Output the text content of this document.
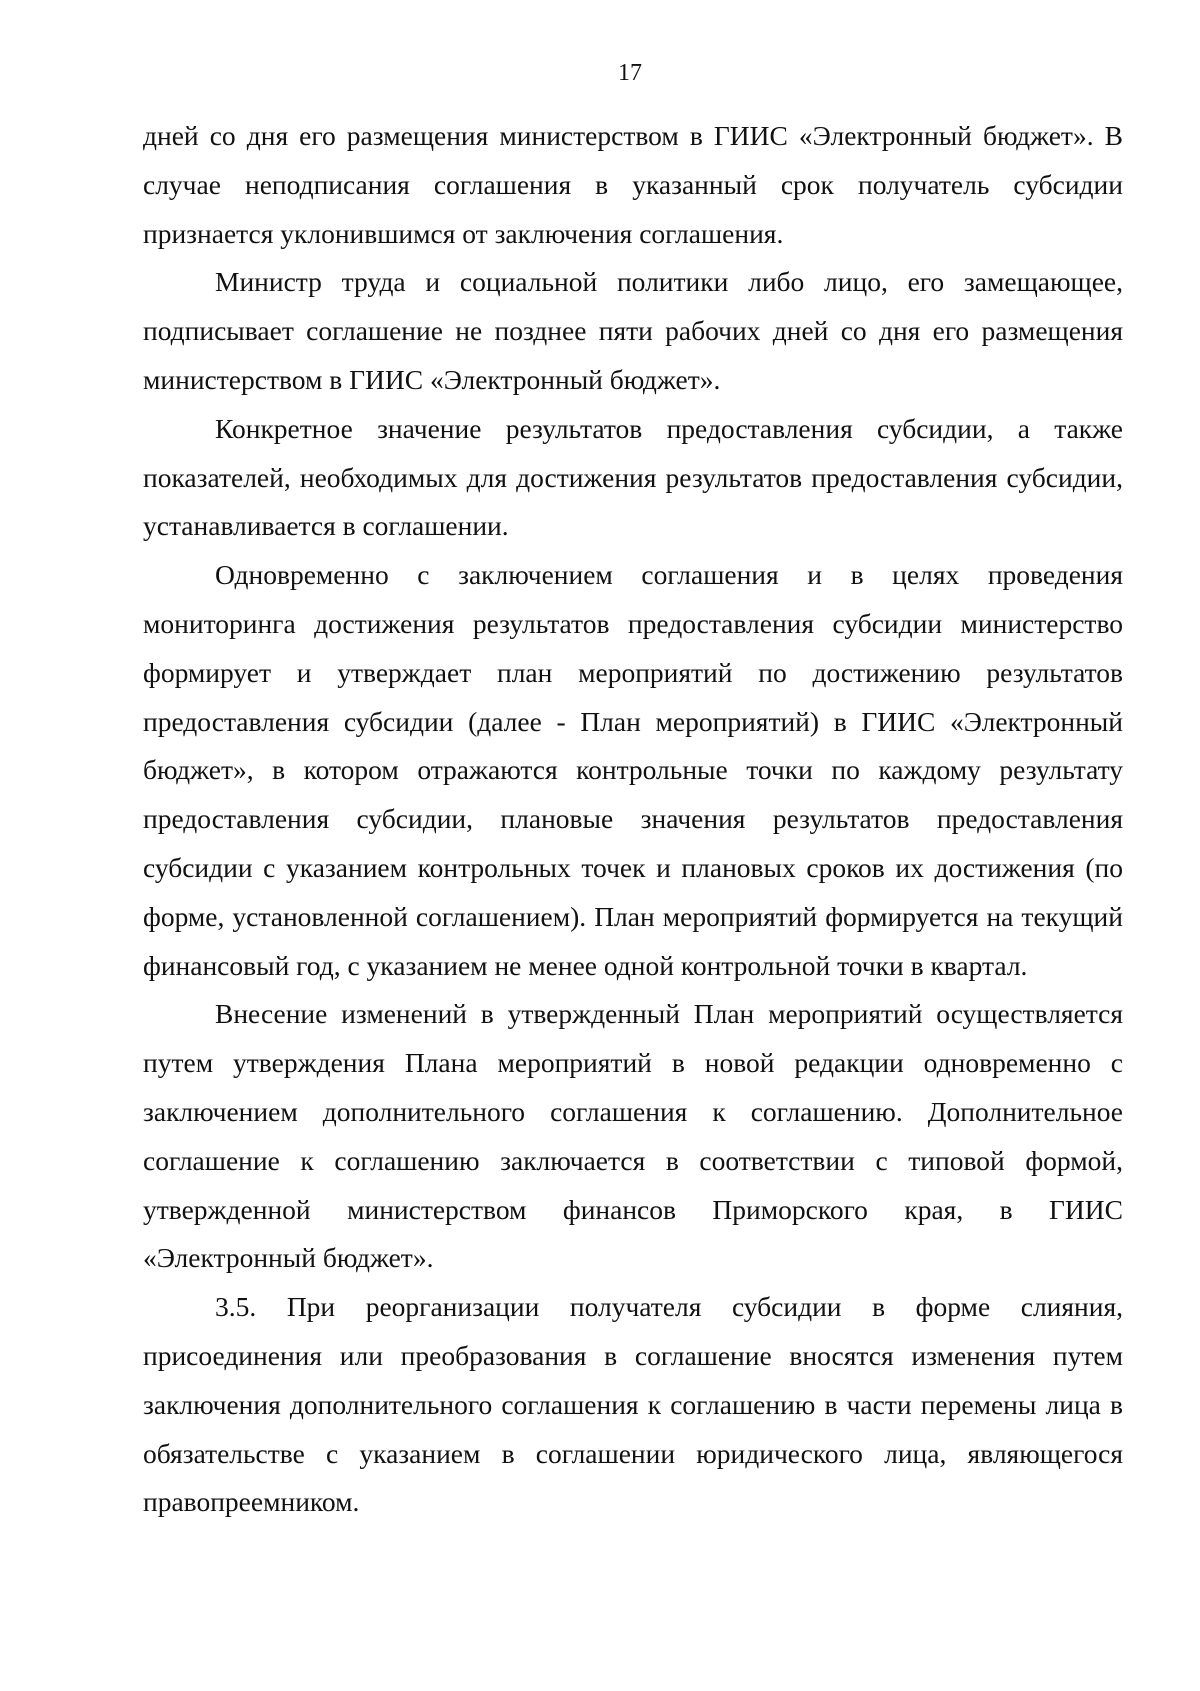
17

дней со дня его размещения министерством в ГИИС «Электронный бюджет». В случае неподписания соглашения в указанный срок получатель субсидии признается уклонившимся от заключения соглашения.

Министр труда и социальной политики либо лицо, его замещающее, подписывает соглашение не позднее пяти рабочих дней со дня его размещения министерством в ГИИС «Электронный бюджет».

Конкретное значение результатов предоставления субсидии, а также показателей, необходимых для достижения результатов предоставления субсидии, устанавливается в соглашении.

Одновременно с заключением соглашения и в целях проведения мониторинга достижения результатов предоставления субсидии министерство формирует и утверждает план мероприятий по достижению результатов предоставления субсидии (далее - План мероприятий) в ГИИС «Электронный бюджет», в котором отражаются контрольные точки по каждому результату предоставления субсидии, плановые значения результатов предоставления субсидии с указанием контрольных точек и плановых сроков их достижения (по форме, установленной соглашением). План мероприятий формируется на текущий финансовый год, с указанием не менее одной контрольной точки в квартал.

Внесение изменений в утвержденный План мероприятий осуществляется путем утверждения Плана мероприятий в новой редакции одновременно с заключением дополнительного соглашения к соглашению. Дополнительное соглашение к соглашению заключается в соответствии с типовой формой, утвержденной министерством финансов Приморского края, в ГИИС «Электронный бюджет».

3.5. При реорганизации получателя субсидии в форме слияния, присоединения или преобразования в соглашение вносятся изменения путем заключения дополнительного соглашения к соглашению в части перемены лица в обязательстве с указанием в соглашении юридического лица, являющегося правопреемником.
